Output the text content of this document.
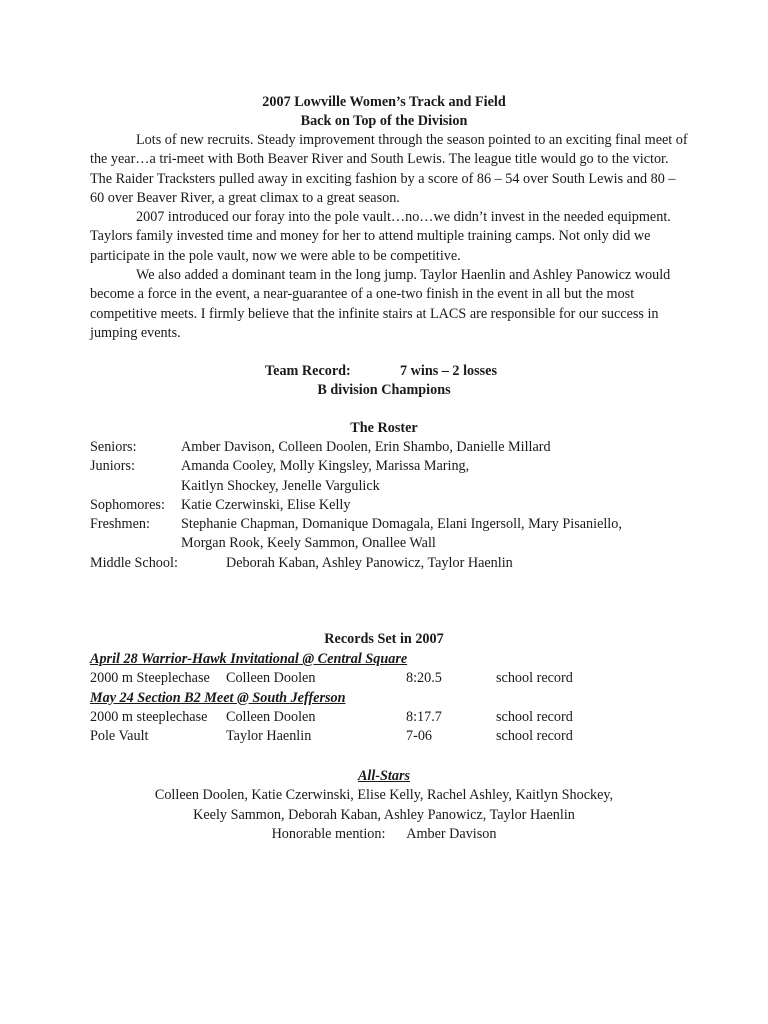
2007 Lowville Women’s Track and Field
Back on Top of the Division

Lots of new recruits. Steady improvement through the season pointed to an exciting final meet of the year…a tri-meet with Both Beaver River and South Lewis. The league title would go to the victor. The Raider Tracksters pulled away in exciting fashion by a score of 86 – 54 over South Lewis and 80 – 60 over Beaver River, a great climax to a great season.

2007 introduced our foray into the pole vault…no…we didn’t invest in the needed equipment. Taylors family invested time and money for her to attend multiple training camps. Not only did we participate in the pole vault, now we were able to be competitive.

We also added a dominant team in the long jump. Taylor Haenlin and Ashley Panowicz would become a force in the event, a near-guarantee of a one-two finish in the event in all but the most competitive meets. I firmly believe that the infinite stairs at LACS are responsible for our success in jumping events.

Team Record:	7 wins – 2 losses
B division Champions
The Roster
Seniors:	Amber Davison, Colleen Doolen, Erin Shambo, Danielle Millard
Juniors:	Amanda Cooley, Molly Kingsley, Marissa Maring,
Kaitlyn Shockey, Jenelle Vargulick
Sophomores: Katie Czerwinski, Elise Kelly
Freshmen: Stephanie Chapman, Domanique Domagala, Elani Ingersoll, Mary Pisaniello,
Morgan Rook, Keely Sammon, Onallee Wall
Middle School:	Deborah Kaban, Ashley Panowicz, Taylor Haenlin
Records Set in 2007
April 28 Warrior-Hawk Invitational @ Central Square
2000 m Steeplechase Colleen Doolen	8:20.5	school record
May 24 Section B2 Meet @ South Jefferson
2000 m steeplechase Colleen Doolen	8:17.7	school record
Pole Vault	Taylor Haenlin	7-06	school record
All-Stars
Colleen Doolen, Katie Czerwinski, Elise Kelly, Rachel Ashley, Kaitlyn Shockey,
Keely Sammon, Deborah Kaban, Ashley Panowicz, Taylor Haenlin
Honorable mention: Amber Davison
